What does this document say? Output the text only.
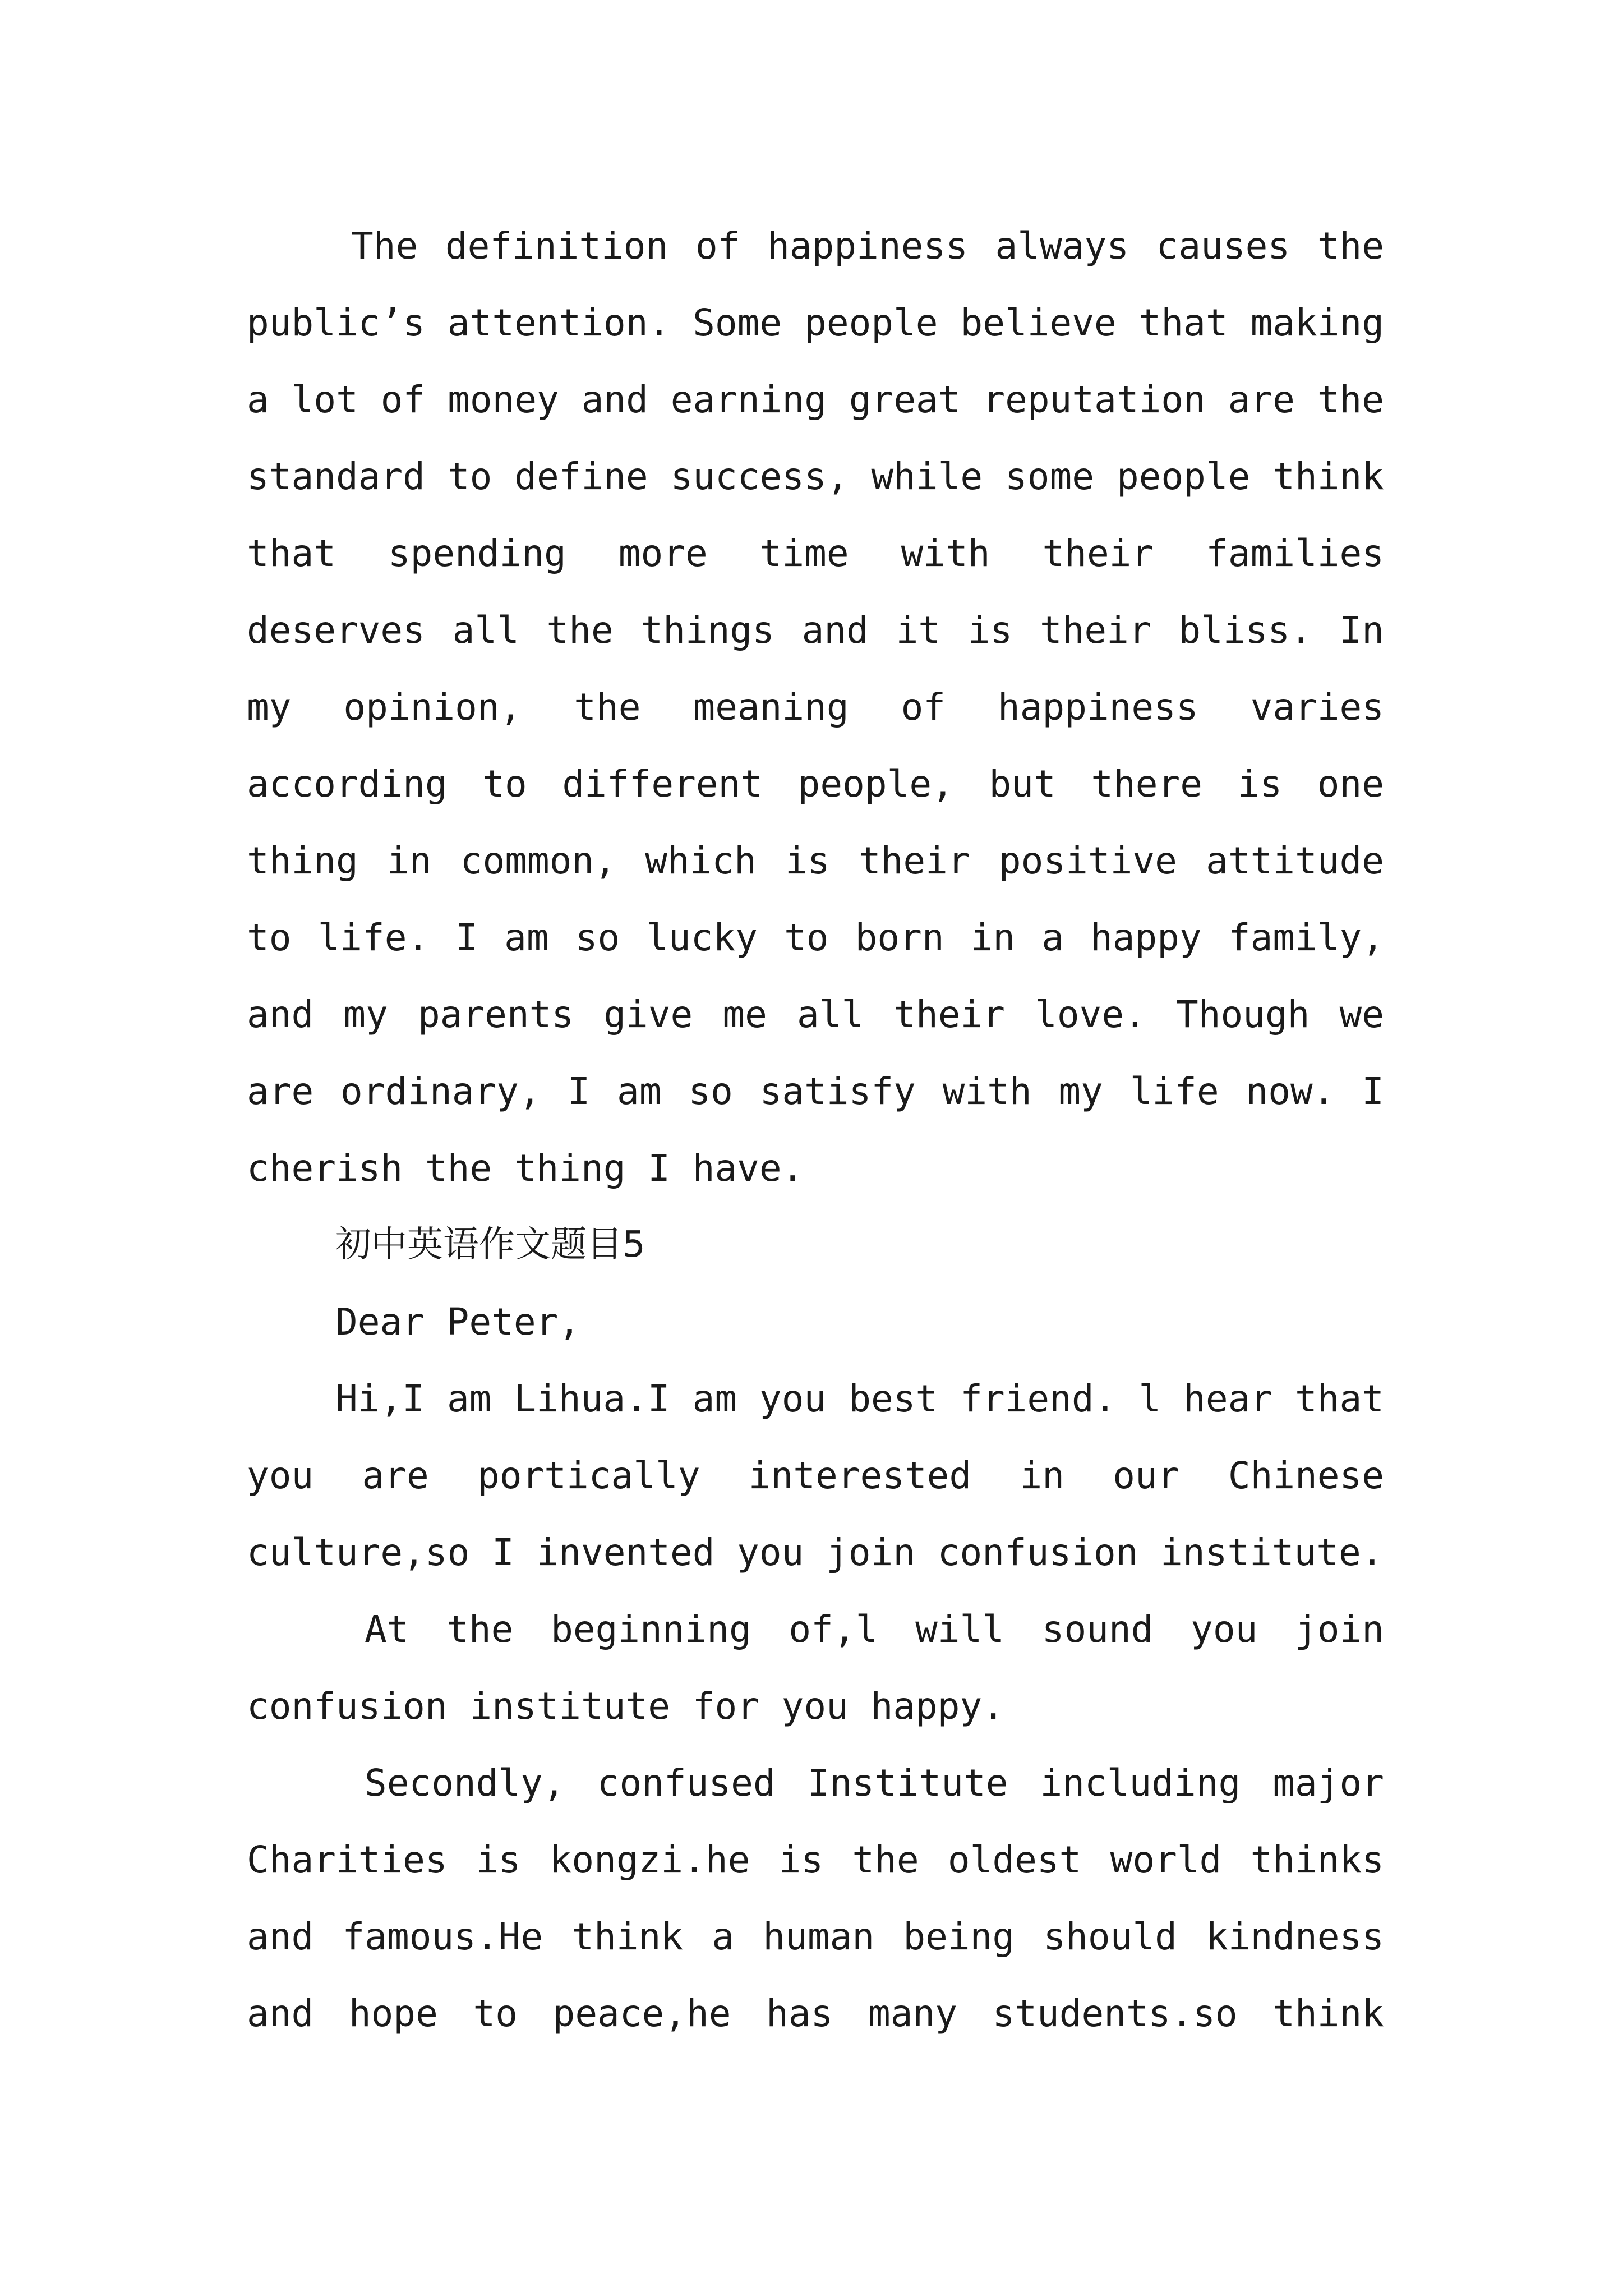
The definition of happiness always causes the public’s attention. Some people believe that making a lot of money and earning great reputation are the standard to define success, while some people think that spending more time with their families deserves all the things and it is their bliss. In my opinion, the meaning of happiness varies according to different people, but there is one thing in common, which is their positive attitude to life. I am so lucky to born in a happy family, and my parents give me all their love. Though we are ordinary, I am so satisfy with my life now. I cherish the thing I have.

初中英语作文题目5

Dear Peter,

Hi,I am Lihua.I am you best friend. l hear that you are portically interested in our Chinese culture,so I invented you join confusion institute.

At the beginning of,l will sound you join confusion institute for you happy.

Secondly, confused Institute including major Charities is kongzi.he is the oldest world thinks and famous.He think a human being should kindness and hope to peace,he has many students.so think
